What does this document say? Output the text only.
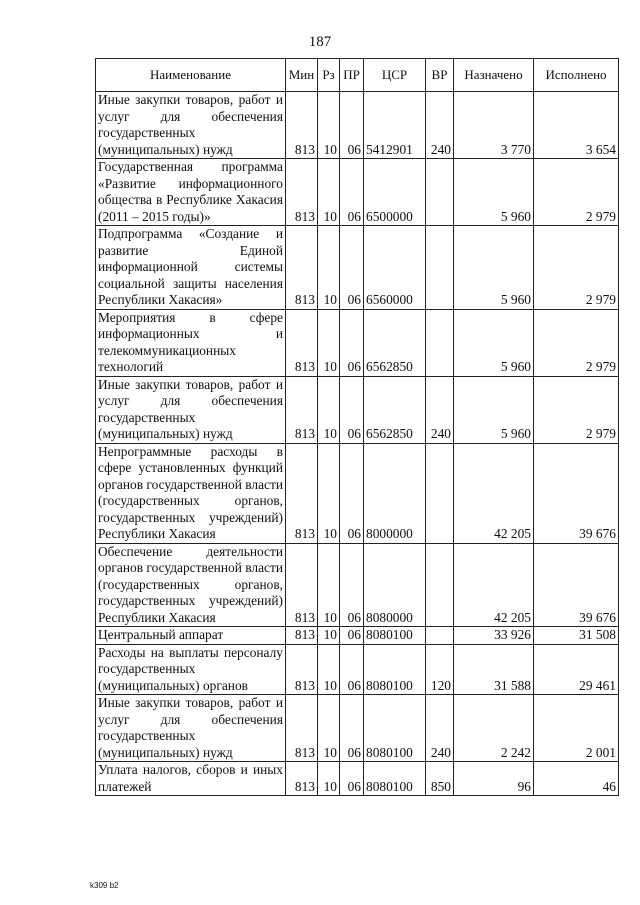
187
Наименование	Мин	Рз	ПР	ЦСР	ВР	Назначено	Исполнено
Иные закупки товаров, работ и услуг для обеспечения государственных (муниципальных) нужд	813	10	06	5412901	240	3 770	3 654
Государственная программа «Развитие информационного общества в Республике Хакасия (2011 – 2015 годы)»	813	10	06	6500000		5 960	2 979
Подпрограмма «Создание и развитие Единой информационной системы социальной защиты населения Республики Хакасия»	813	10	06	6560000		5 960	2 979
Мероприятия в сфере информационных и телекоммуникационных технологий	813	10	06	6562850		5 960	2 979
Иные закупки товаров, работ и услуг для обеспечения государственных (муниципальных) нужд	813	10	06	6562850	240	5 960	2 979
Непрограммные расходы в сфере установленных функций органов государственной власти (государственных органов, государственных учреждений) Республики Хакасия	813	10	06	8000000		42 205	39 676
Обеспечение деятельности органов государственной власти (государственных органов, государственных учреждений) Республики Хакасия	813	10	06	8080000		42 205	39 676
Центральный аппарат	813	10	06	8080100		33 926	31 508
Расходы на выплаты персоналу государственных (муниципальных) органов	813	10	06	8080100	120	31 588	29 461
Иные закупки товаров, работ и услуг для обеспечения государственных (муниципальных) нужд	813	10	06	8080100	240	2 242	2 001
Уплата налогов, сборов и иных платежей	813	10	06	8080100	850	96	46
k309 b2
